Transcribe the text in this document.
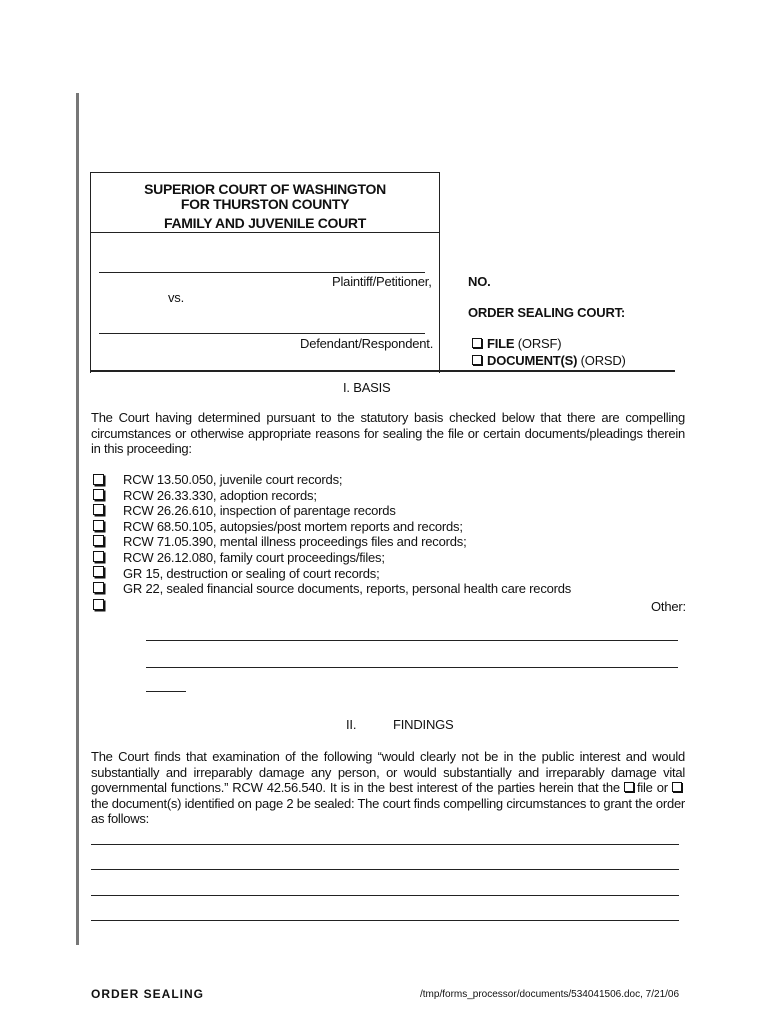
SUPERIOR COURT OF WASHINGTON
FOR THURSTON COUNTY
FAMILY AND JUVENILE COURT
Plaintiff/Petitioner,
vs.
Defendant/Respondent.
NO.
ORDER SEALING COURT:
FILE (ORSF)
DOCUMENT(S) (ORSD)
I. BASIS
The Court having determined pursuant to the statutory basis checked below that there are compelling circumstances or otherwise appropriate reasons for sealing the file or certain documents/pleadings therein in this proceeding:
RCW 13.50.050, juvenile court records;
RCW 26.33.330, adoption records;
RCW 26.26.610, inspection of parentage records
RCW 68.50.105, autopsies/post mortem reports and records;
RCW 71.05.390, mental illness proceedings files and records;
RCW 26.12.080, family court proceedings/files;
GR 15, destruction or sealing of court records;
GR 22, sealed financial source documents, reports, personal health care records
Other:
II.	FINDINGS
The Court finds that examination of the following “would clearly not be in the public interest and would substantially and irreparably damage any person, or would substantially and irreparably damage vital governmental functions.” RCW 42.56.540. It is in the best interest of the parties herein that the file or the document(s) identified on page 2 be sealed: The court finds compelling circumstances to grant the order as follows:
ORDER SEALING	/tmp/forms_processor/documents/534041506.doc, 7/21/06
